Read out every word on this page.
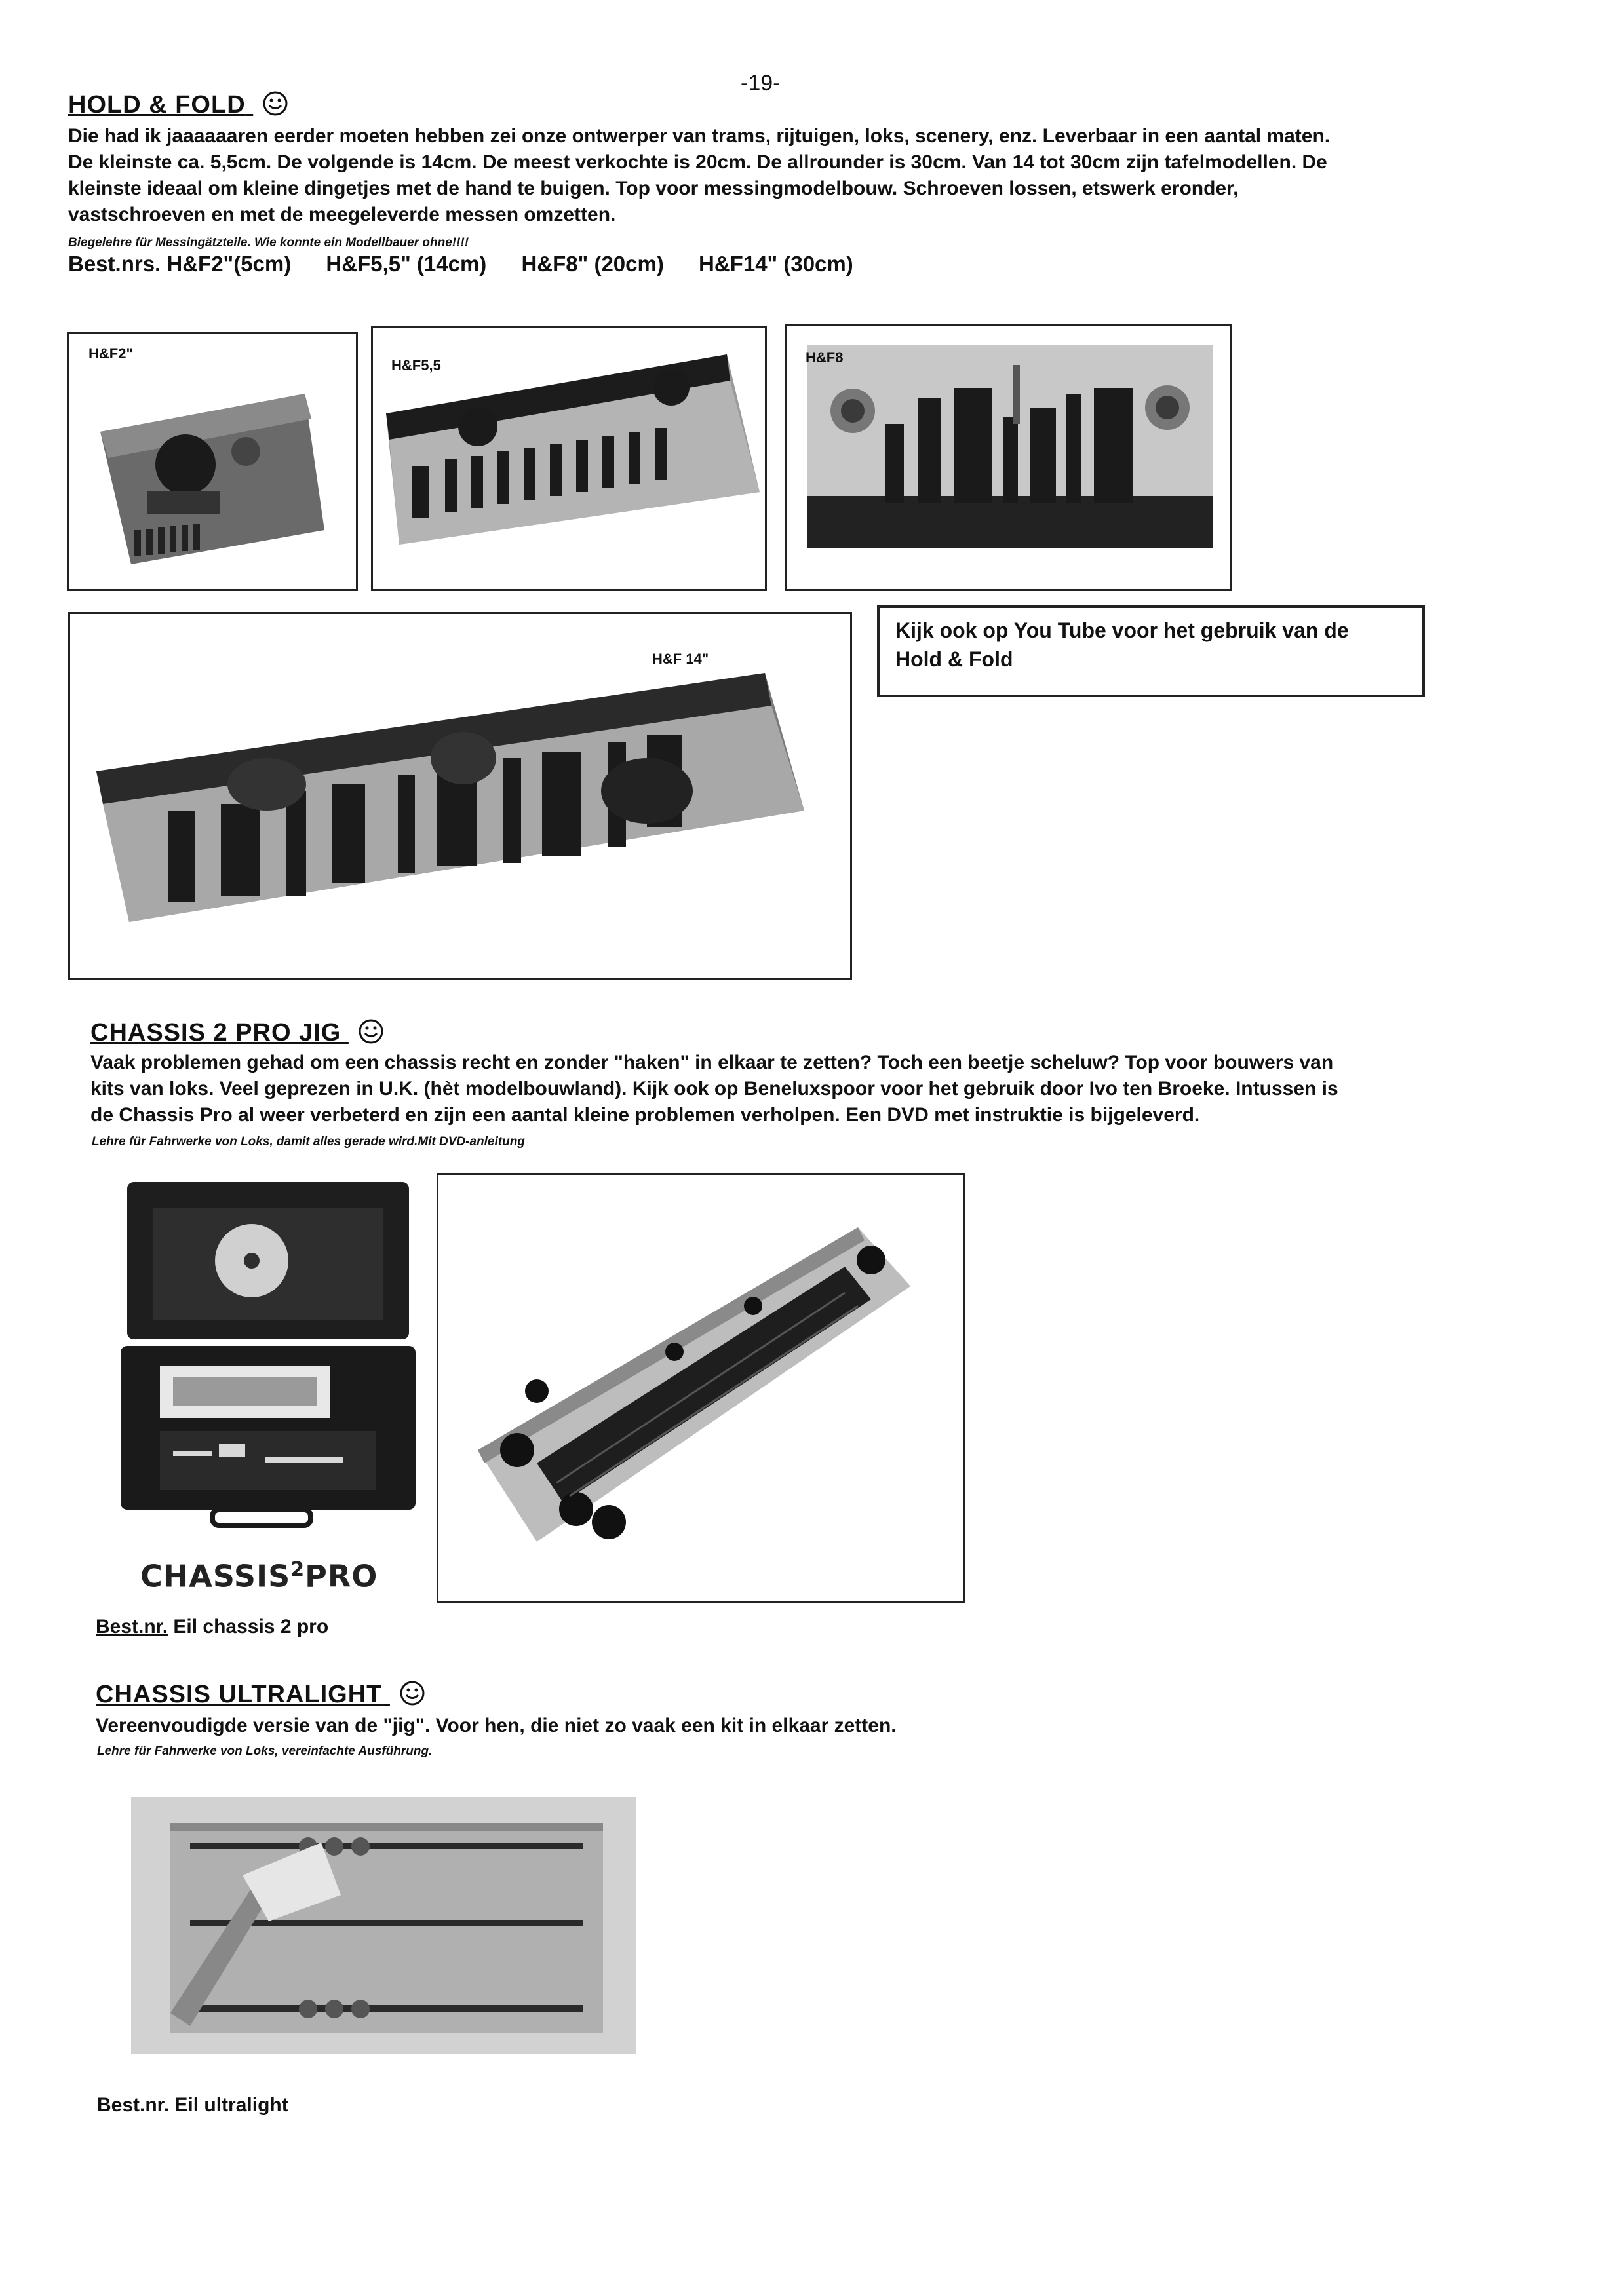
-19-
HOLD & FOLD
Die had ik jaaaaaaren eerder moeten hebben zei onze ontwerper van trams, rijtuigen, loks, scenery, enz. Leverbaar in een aantal maten.
De kleinste ca. 5,5cm. De volgende is 14cm. De meest verkochte is 20cm. De allrounder is 30cm. Van 14 tot 30cm zijn tafelmodellen. De
kleinste ideaal om kleine dingetjes met de hand te buigen. Top voor messingmodelbouw. Schroeven lossen, etswerk eronder,
vastschroeven en met de meegeleverde messen omzetten.
Biegelehre für Messingätzteile. Wie konnte ein Modellbauer ohne!!!!
Best.nrs. H&F2"(5cm) H&F5,5" (14cm) H&F8" (20cm) H&F14" (30cm)
H&F2"
H&F5,5	H&F8
H&F 14"
Kijk ook op You Tube voor het gebruik van de
Hold & Fold
CHASSIS 2 PRO JIG
Vaak problemen gehad om een chassis recht en zonder "haken" in elkaar te zetten? Toch een beetje scheluw? Top voor bouwers van
kits van loks. Veel geprezen in U.K. (hèt modelbouwland). Kijk ook op Beneluxspoor voor het gebruik door Ivo ten Broeke. Intussen is
de Chassis Pro al weer verbeterd en zijn een aantal kleine problemen verholpen. Een DVD met instruktie is bijgeleverd.
Lehre für Fahrwerke von Loks, damit alles gerade wird.Mit DVD-anleitung
CHASSIS$^2$PRO
Best.nr. Eil chassis 2 pro
CHASSIS ULTRALIGHT
Vereenvoudigde versie van de "jig". Voor hen, die niet zo vaak een kit in elkaar zetten.
Lehre für Fahrwerke von Loks, vereinfachte Ausführung.
Best.nr. Eil ultralight
